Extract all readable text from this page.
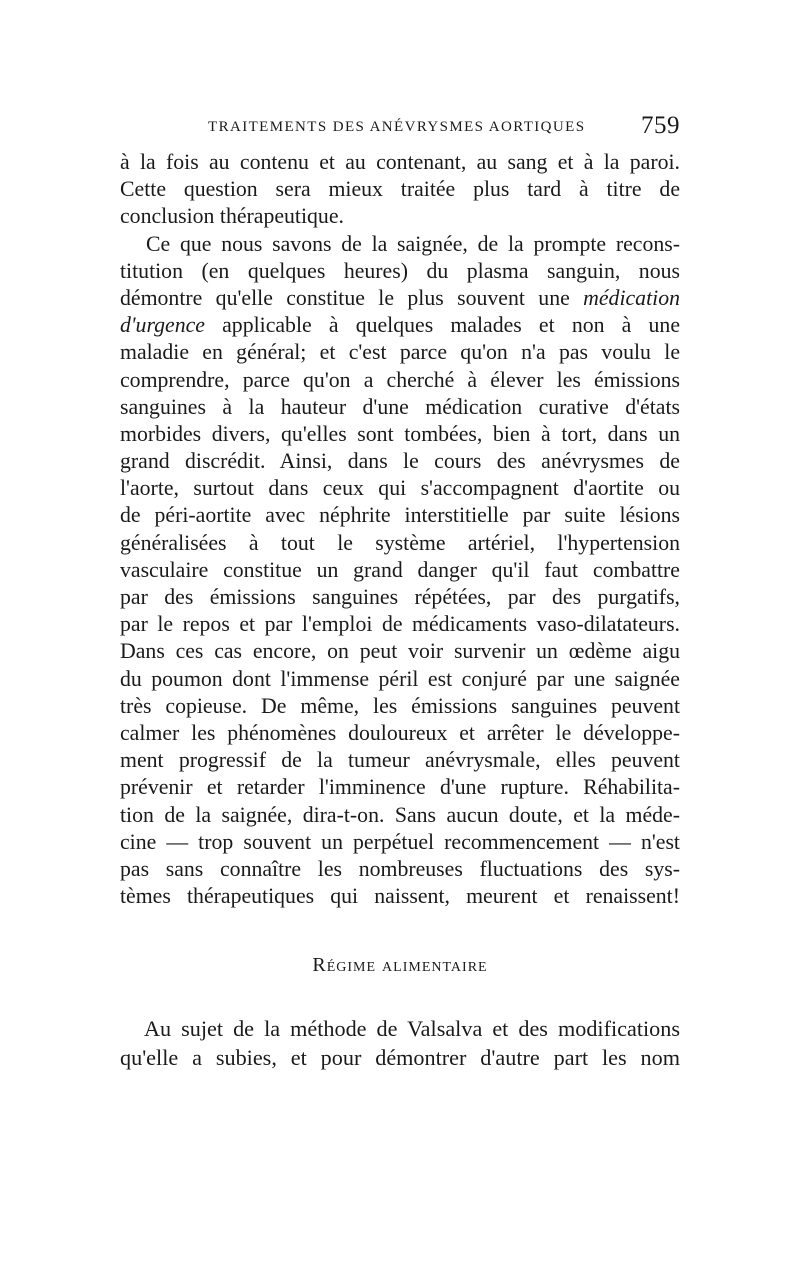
TRAITEMENTS DES ANÉVRYSMES AORTIQUES 759
à la fois au contenu et au contenant, au sang et à la paroi.
Cette question sera mieux traitée plus tard à titre de
conclusion thérapeutique.
Ce que nous savons de la saignée, de la prompte recons-
titution (en quelques heures) du plasma sanguin, nous
démontre qu'elle constitue le plus souvent une médication
d'urgence applicable à quelques malades et non à une
maladie en général; et c'est parce qu'on n'a pas voulu le
comprendre, parce qu'on a cherché à élever les émissions
sanguines à la hauteur d'une médication curative d'états
morbides divers, qu'elles sont tombées, bien à tort, dans un
grand discrédit. Ainsi, dans le cours des anévrysmes de
l'aorte, surtout dans ceux qui s'accompagnent d'aortite ou
de péri-aortite avec néphrite interstitielle par suite lésions
généralisées à tout le système artériel, l'hypertension
vasculaire constitue un grand danger qu'il faut combattre
par des émissions sanguines répétées, par des purgatifs,
par le repos et par l'emploi de médicaments vaso-dilatateurs.
Dans ces cas encore, on peut voir survenir un œdème aigu
du poumon dont l'immense péril est conjuré par une saignée
très copieuse. De même, les émissions sanguines peuvent
calmer les phénomènes douloureux et arrêter le développe-
ment progressif de la tumeur anévrysmale, elles peuvent
prévenir et retarder l'imminence d'une rupture. Réhabilita-
tion de la saignée, dira-t-on. Sans aucun doute, et la méde-
cine — trop souvent un perpétuel recommencement — n'est
pas sans connaître les nombreuses fluctuations des sys-
tèmes thérapeutiques qui naissent, meurent et renaissent!
Régime alimentaire
Au sujet de la méthode de Valsalva et des modifications
qu'elle a subies, et pour démontrer d'autre part les nom
